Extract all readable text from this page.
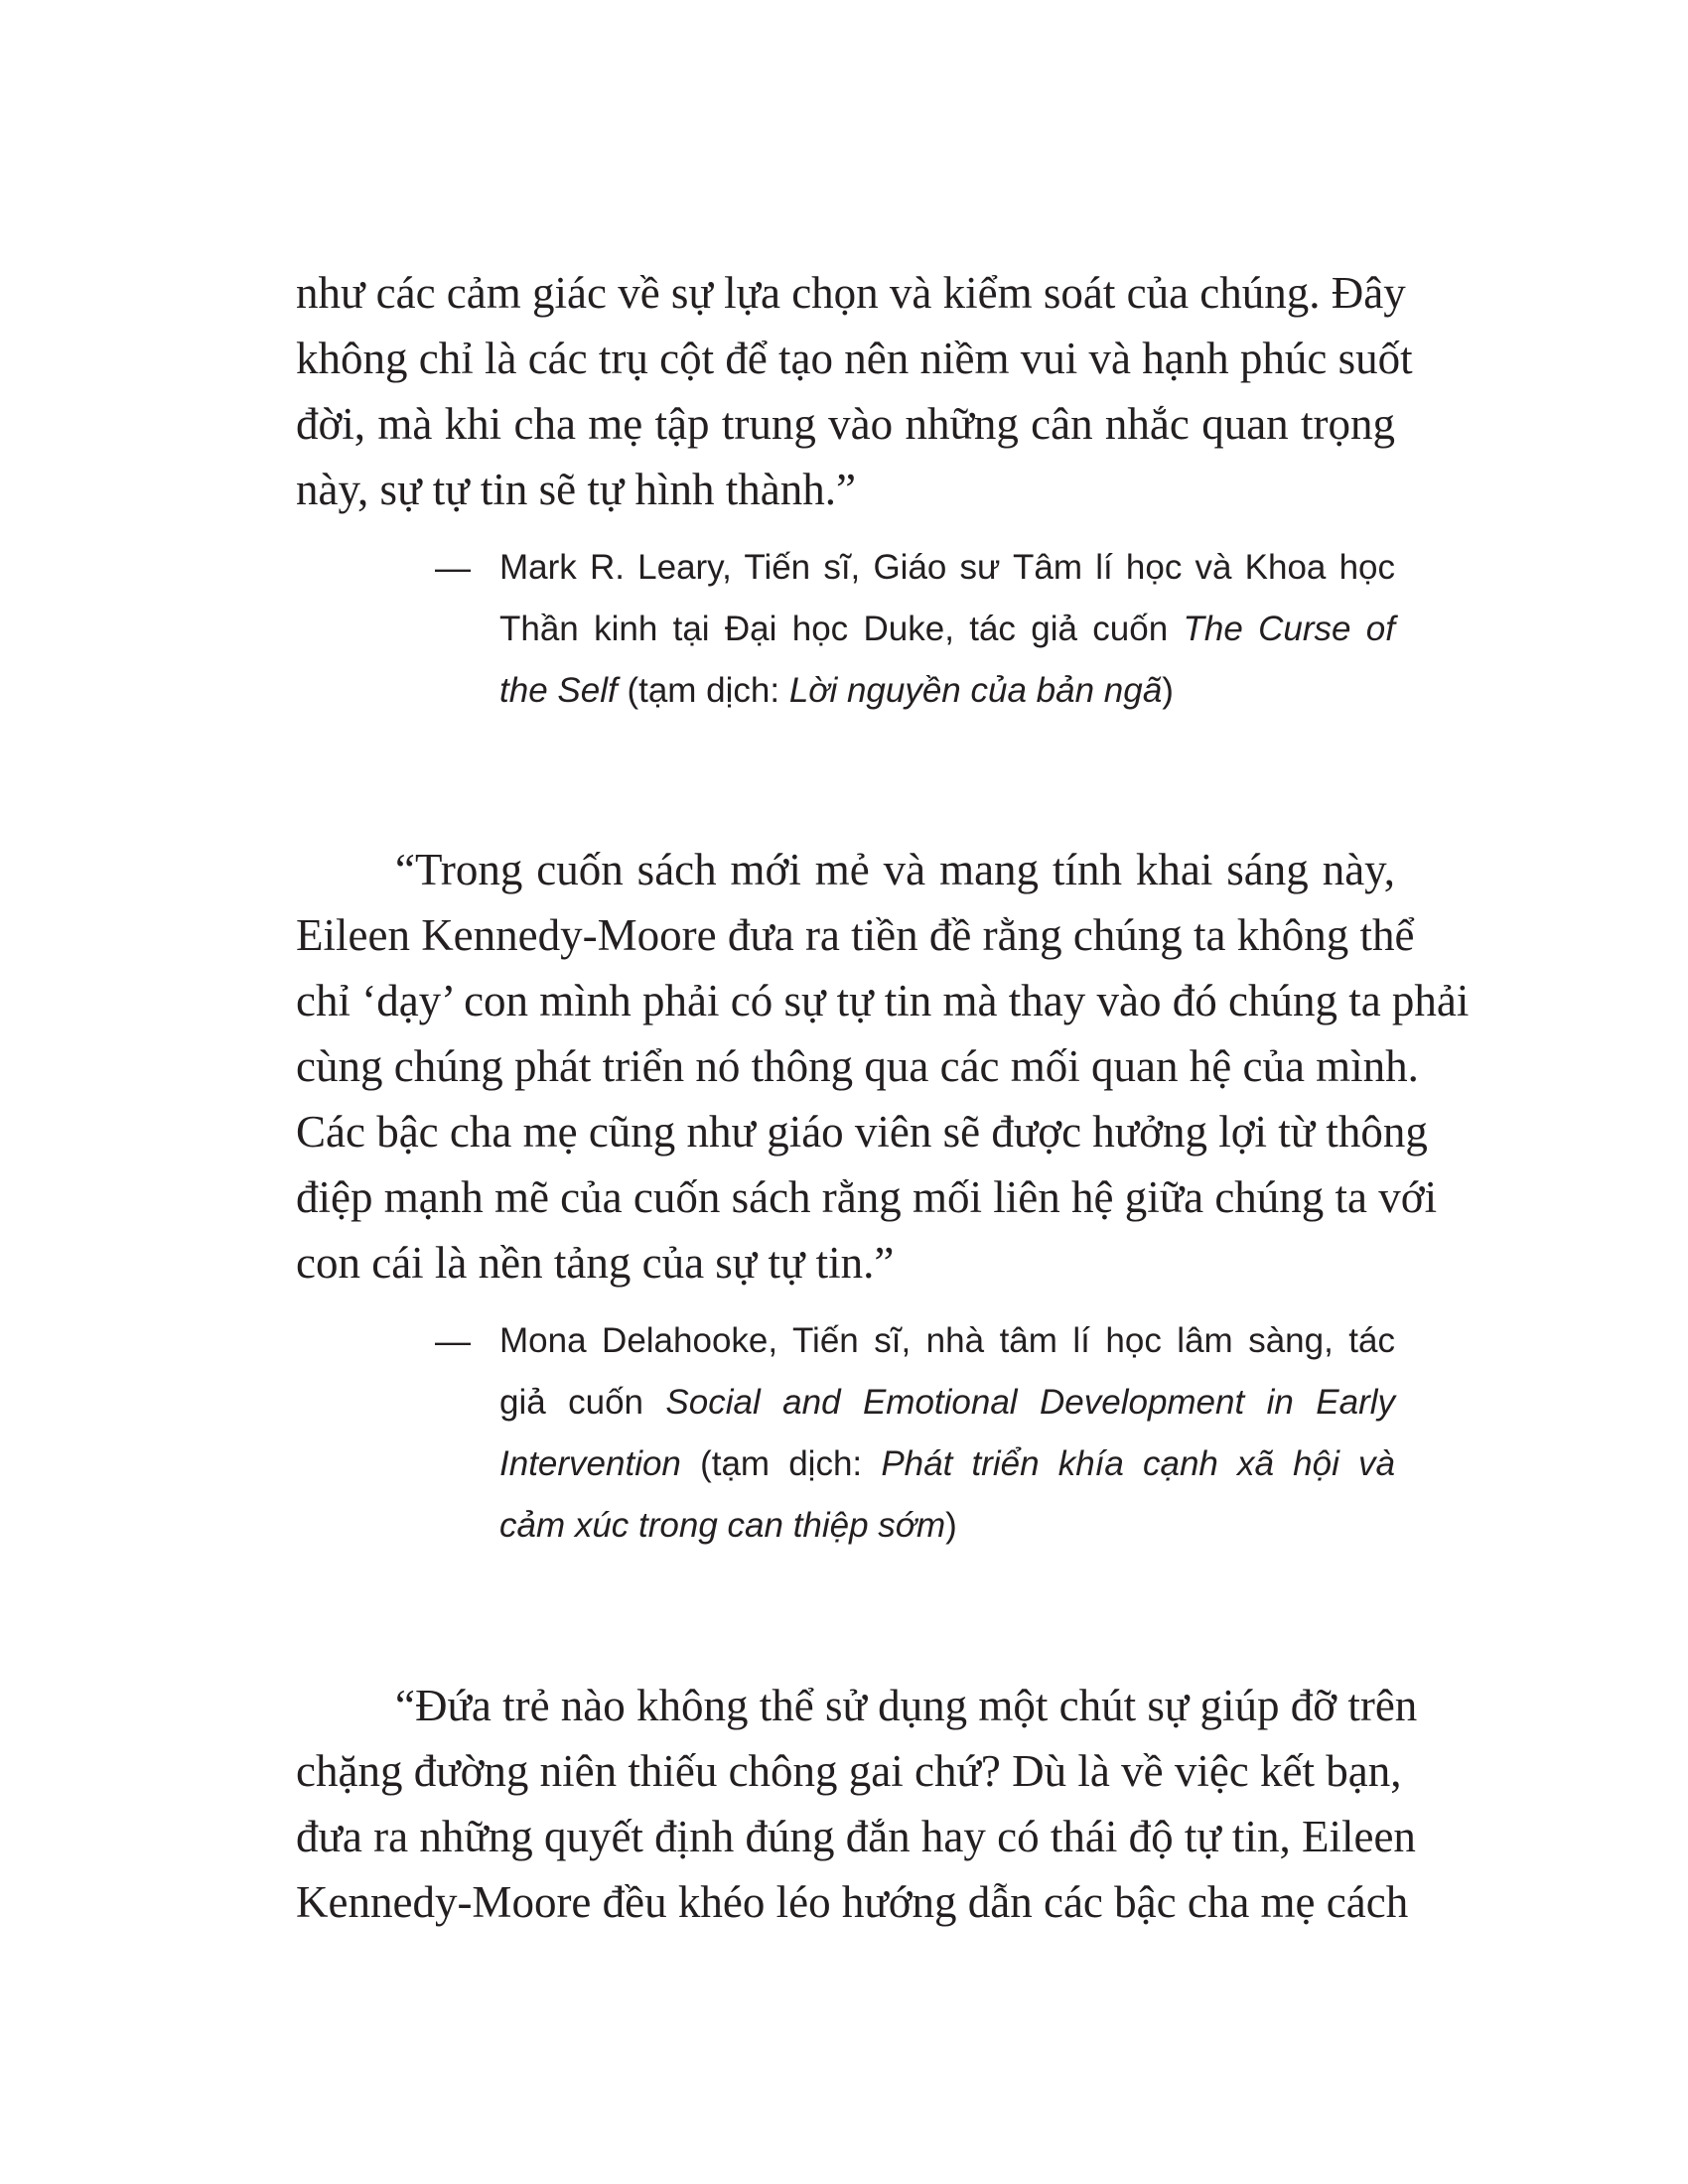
như các cảm giác về sự lựa chọn và kiểm soát của chúng. Đây
không chỉ là các trụ cột để tạo nên niềm vui và hạnh phúc suốt
đời, mà khi cha mẹ tập trung vào những cân nhắc quan trọng
này, sự tự tin sẽ tự hình thành.”
— Mark R. Leary, Tiến sĩ, Giáo sư Tâm lí học và Khoa học
Thần kinh tại Đại học Duke, tác giả cuốn The Curse of
the Self (tạm dịch: Lời nguyền của bản ngã)
“Trong cuốn sách mới mẻ và mang tính khai sáng này,
Eileen Kennedy-Moore đưa ra tiền đề rằng chúng ta không thể
chỉ ‘dạy’ con mình phải có sự tự tin mà thay vào đó chúng ta phải
cùng chúng phát triển nó thông qua các mối quan hệ của mình.
Các bậc cha mẹ cũng như giáo viên sẽ được hưởng lợi từ thông
điệp mạnh mẽ của cuốn sách rằng mối liên hệ giữa chúng ta với
con cái là nền tảng của sự tự tin.”
— Mona Delahooke, Tiến sĩ, nhà tâm lí học lâm sàng, tác
giả cuốn Social and Emotional Development in Early
Intervention (tạm dịch: Phát triển khía cạnh xã hội và
cảm xúc trong can thiệp sớm)
“Đứa trẻ nào không thể sử dụng một chút sự giúp đỡ trên
chặng đường niên thiếu chông gai chứ? Dù là về việc kết bạn,
đưa ra những quyết định đúng đắn hay có thái độ tự tin, Eileen
Kennedy-Moore đều khéo léo hướng dẫn các bậc cha mẹ cách
